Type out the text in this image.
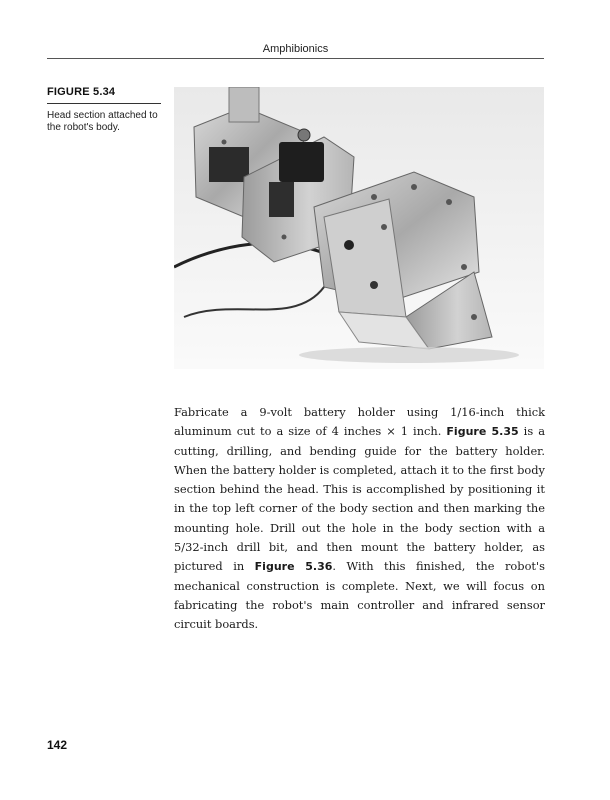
Amphibionics
FIGURE 5.34
Head section attached to the robot's body.
Fabricate a 9-volt battery holder using 1/16-inch thick aluminum cut to a size of 4 inches × 1 inch. Figure 5.35 is a cutting, drilling, and bending guide for the battery holder. When the battery holder is completed, attach it to the first body section behind the head. This is accomplished by positioning it in the top left corner of the body section and then marking the mounting hole. Drill out the hole in the body section with a 5/32-inch drill bit, and then mount the battery holder, as pictured in Figure 5.36. With this finished, the robot's mechanical construction is complete. Next, we will focus on fabricating the robot's main controller and infrared sensor circuit boards.
142
